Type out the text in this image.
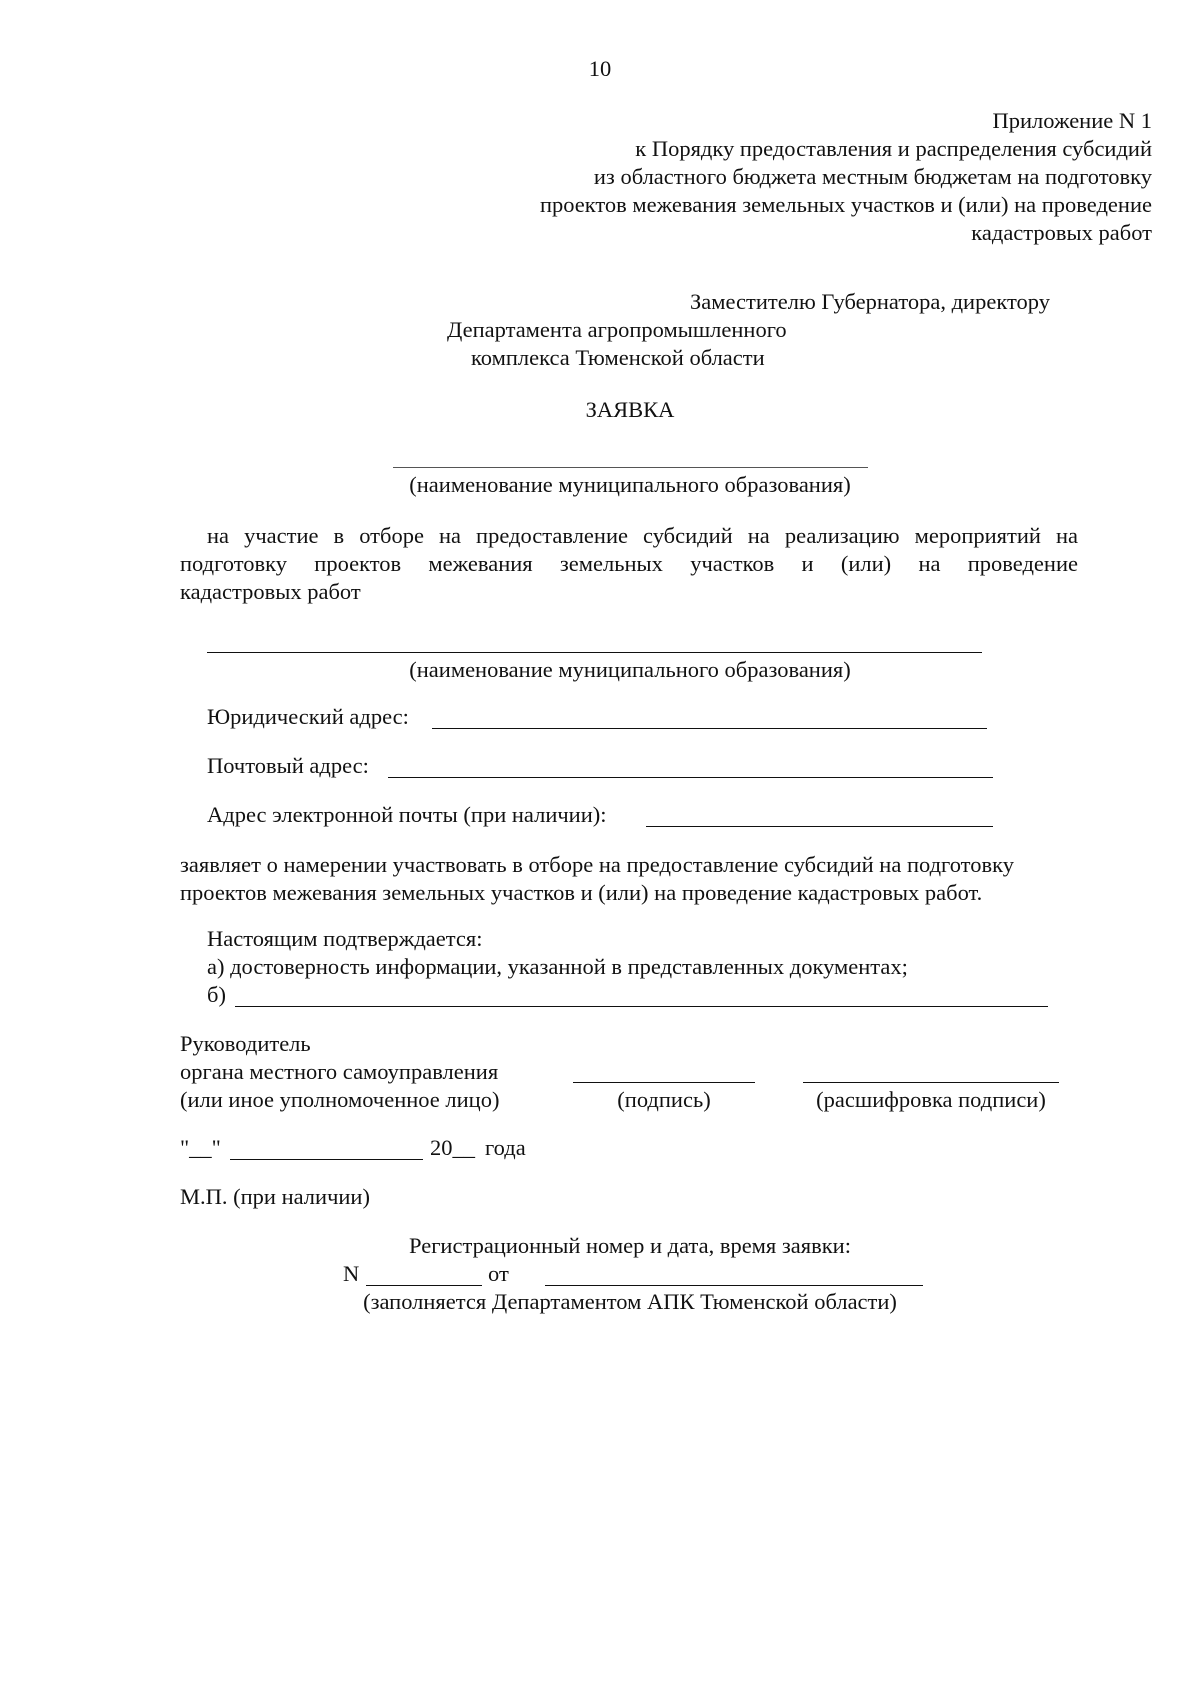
10
Приложение N 1
к Порядку предоставления и распределения субсидий
из областного бюджета местным бюджетам на подготовку
проектов межевания земельных участков и (или) на проведение
кадастровых работ
Заместителю Губернатора, директору
Департамента агропромышленного
комплекса Тюменской области
ЗАЯВКА
(наименование муниципального образования)
на участие в отборе на предоставление субсидий на реализацию мероприятий на
подготовку проектов межевания земельных участков и (или) на проведение
кадастровых работ
(наименование муниципального образования)
Юридический адрес:
Почтовый адрес:
Адрес электронной почты (при наличии):
заявляет о намерении участвовать в отборе на предоставление субсидий на подготовку
проектов межевания земельных участков и (или) на проведение кадастровых работ.
Настоящим подтверждается:
а) достоверность информации, указанной в представленных документах;
б)
Руководитель
органа местного самоуправления
(или иное уполномоченное лицо)	(подпись)	(расшифровка подписи)
"__"	20__ года
М.П. (при наличии)
Регистрационный номер и дата, время заявки:
N	от
(заполняется Департаментом АПК Тюменской области)
